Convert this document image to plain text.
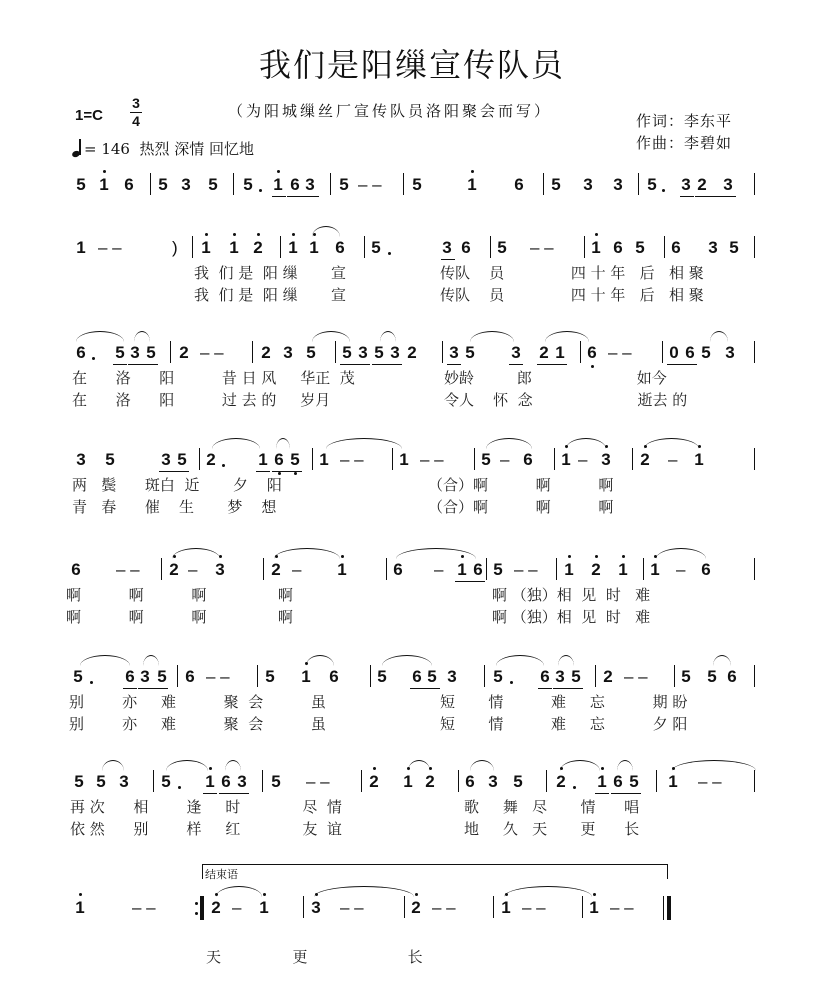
我们是阳缫宣传队员
1=C
3
4
（为阳城缫丝厂宣传队员洛阳聚会而写）
= 146 热烈 深情 回忆地
作词：李东平
作曲：李碧如
5 1 6 5 3 5 5 1 6 3 5	5	1 6 5 3 3 5 3 2 3
– –
1	1 1 2 1 1 6 5	3 6 5	1 6 5 6 3 5
– –	– –
)
我  们 是  阳 缫       宣
我  们 是  阳 缫       宣
传队    员              四 十 年   后   相 聚
传队    员              四 十 年   后   相 聚
6 5 3 5 2	2 3 5 5 3 5 3 2 3 5 3 2 1 6	0 6 5 3
– –	– –
在      洛      阳          昔 日 风     华正  茂
在      洛      阳          过 去 的     岁月
妙龄         郎                      如今
令人    怀  念                      逝去 的
3 5	3 5 2	1 6 5 1	1	5 6 1 3 2	1
– –	– –	–	–	–
两   鬓      斑白  近       夕    阳
青   春      催    生       梦    想
（合）啊          啊          啊
（合）啊          啊          啊
6	2 3	2	1	6	1 6 5	1 2 1 1 6
– –	–	–	–	– –	–
啊          啊          啊               啊
啊          啊          啊               啊
啊 （独）相  见  时   难
啊 （独）相  见  时   难
5	6 3 5 6	5 1 6 5 6 5 3 5 6 3 5 2	5 5 6
– –	– –
别        亦     难          聚  会          虽
别        亦     难          聚  会          虽
短       情          难     忘          期 盼
短       情          难     忘          夕 阳
5 5 3 5 1 6 3 5	2 1 2 6 3 5 2 1 6 5 1
– –	– –
再 次      相        逢     时             尽  情
依 然      别        样     红             友  谊
歌     舞   尽       情      唱
地     久   天       更      长
1	2 1	3	2	1	1
– –	–	– –	– –	– –	– –
天               更                     长
结束语
